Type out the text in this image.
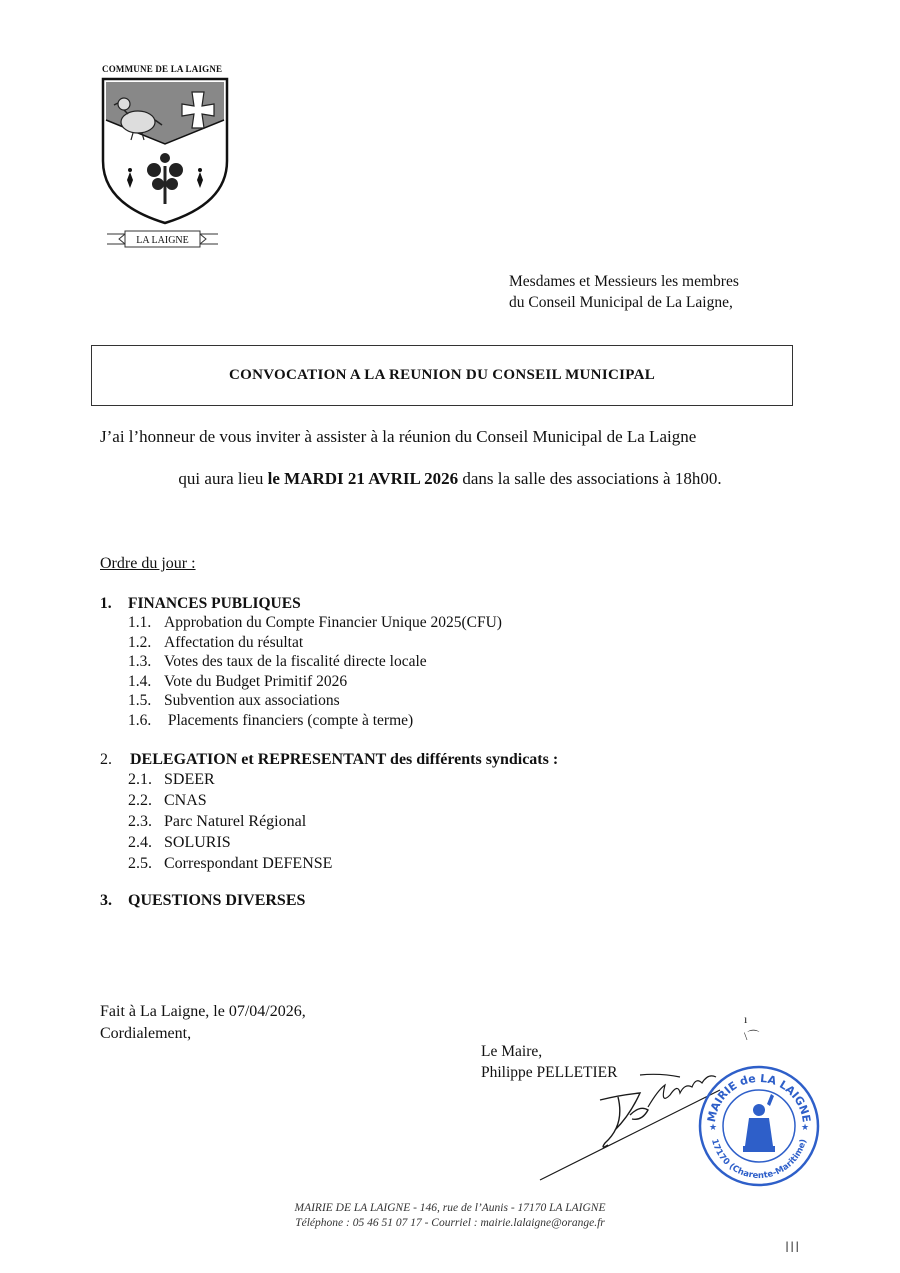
COMMUNE DE LA LAIGNE
LA LAIGNE
Mesdames et Messieurs les membres
du Conseil Municipal de La Laigne,
CONVOCATION A LA REUNION DU CONSEIL MUNICIPAL
J’ai l’honneur de vous inviter à assister à la réunion du Conseil Municipal de La Laigne
qui aura lieu le MARDI 21 AVRIL 2026 dans la salle des associations à 18h00.
Ordre du jour :
1. FINANCES PUBLIQUES
1.1. Approbation du Compte Financier Unique 2025(CFU)
1.2. Affectation du résultat
1.3. Votes des taux de la fiscalité directe locale
1.4. Vote du Budget Primitif 2026
1.5. Subvention aux associations
1.6. Placements financiers (compte à terme)
2. DELEGATION et REPRESENTANT des différents syndicats :
2.1. SDEER
2.2. CNAS
2.3. Parc Naturel Régional
2.4. SOLURIS
2.5. Correspondant DEFENSE
3. QUESTIONS DIVERSES
Fait à La Laigne, le 07/04/2026,
Cordialement,
ı
\⌒
Le Maire,
Philippe PELLETIER
MAIRIE de LA LAIGNE
17170 (Charente-Maritime)
★	★
MAIRIE DE LA LAIGNE - 146, rue de l’Aunis - 17170 LA LAIGNE
Téléphone : 05 46 51 07 17 - Courriel : mairie.lalaigne@orange.fr
III
